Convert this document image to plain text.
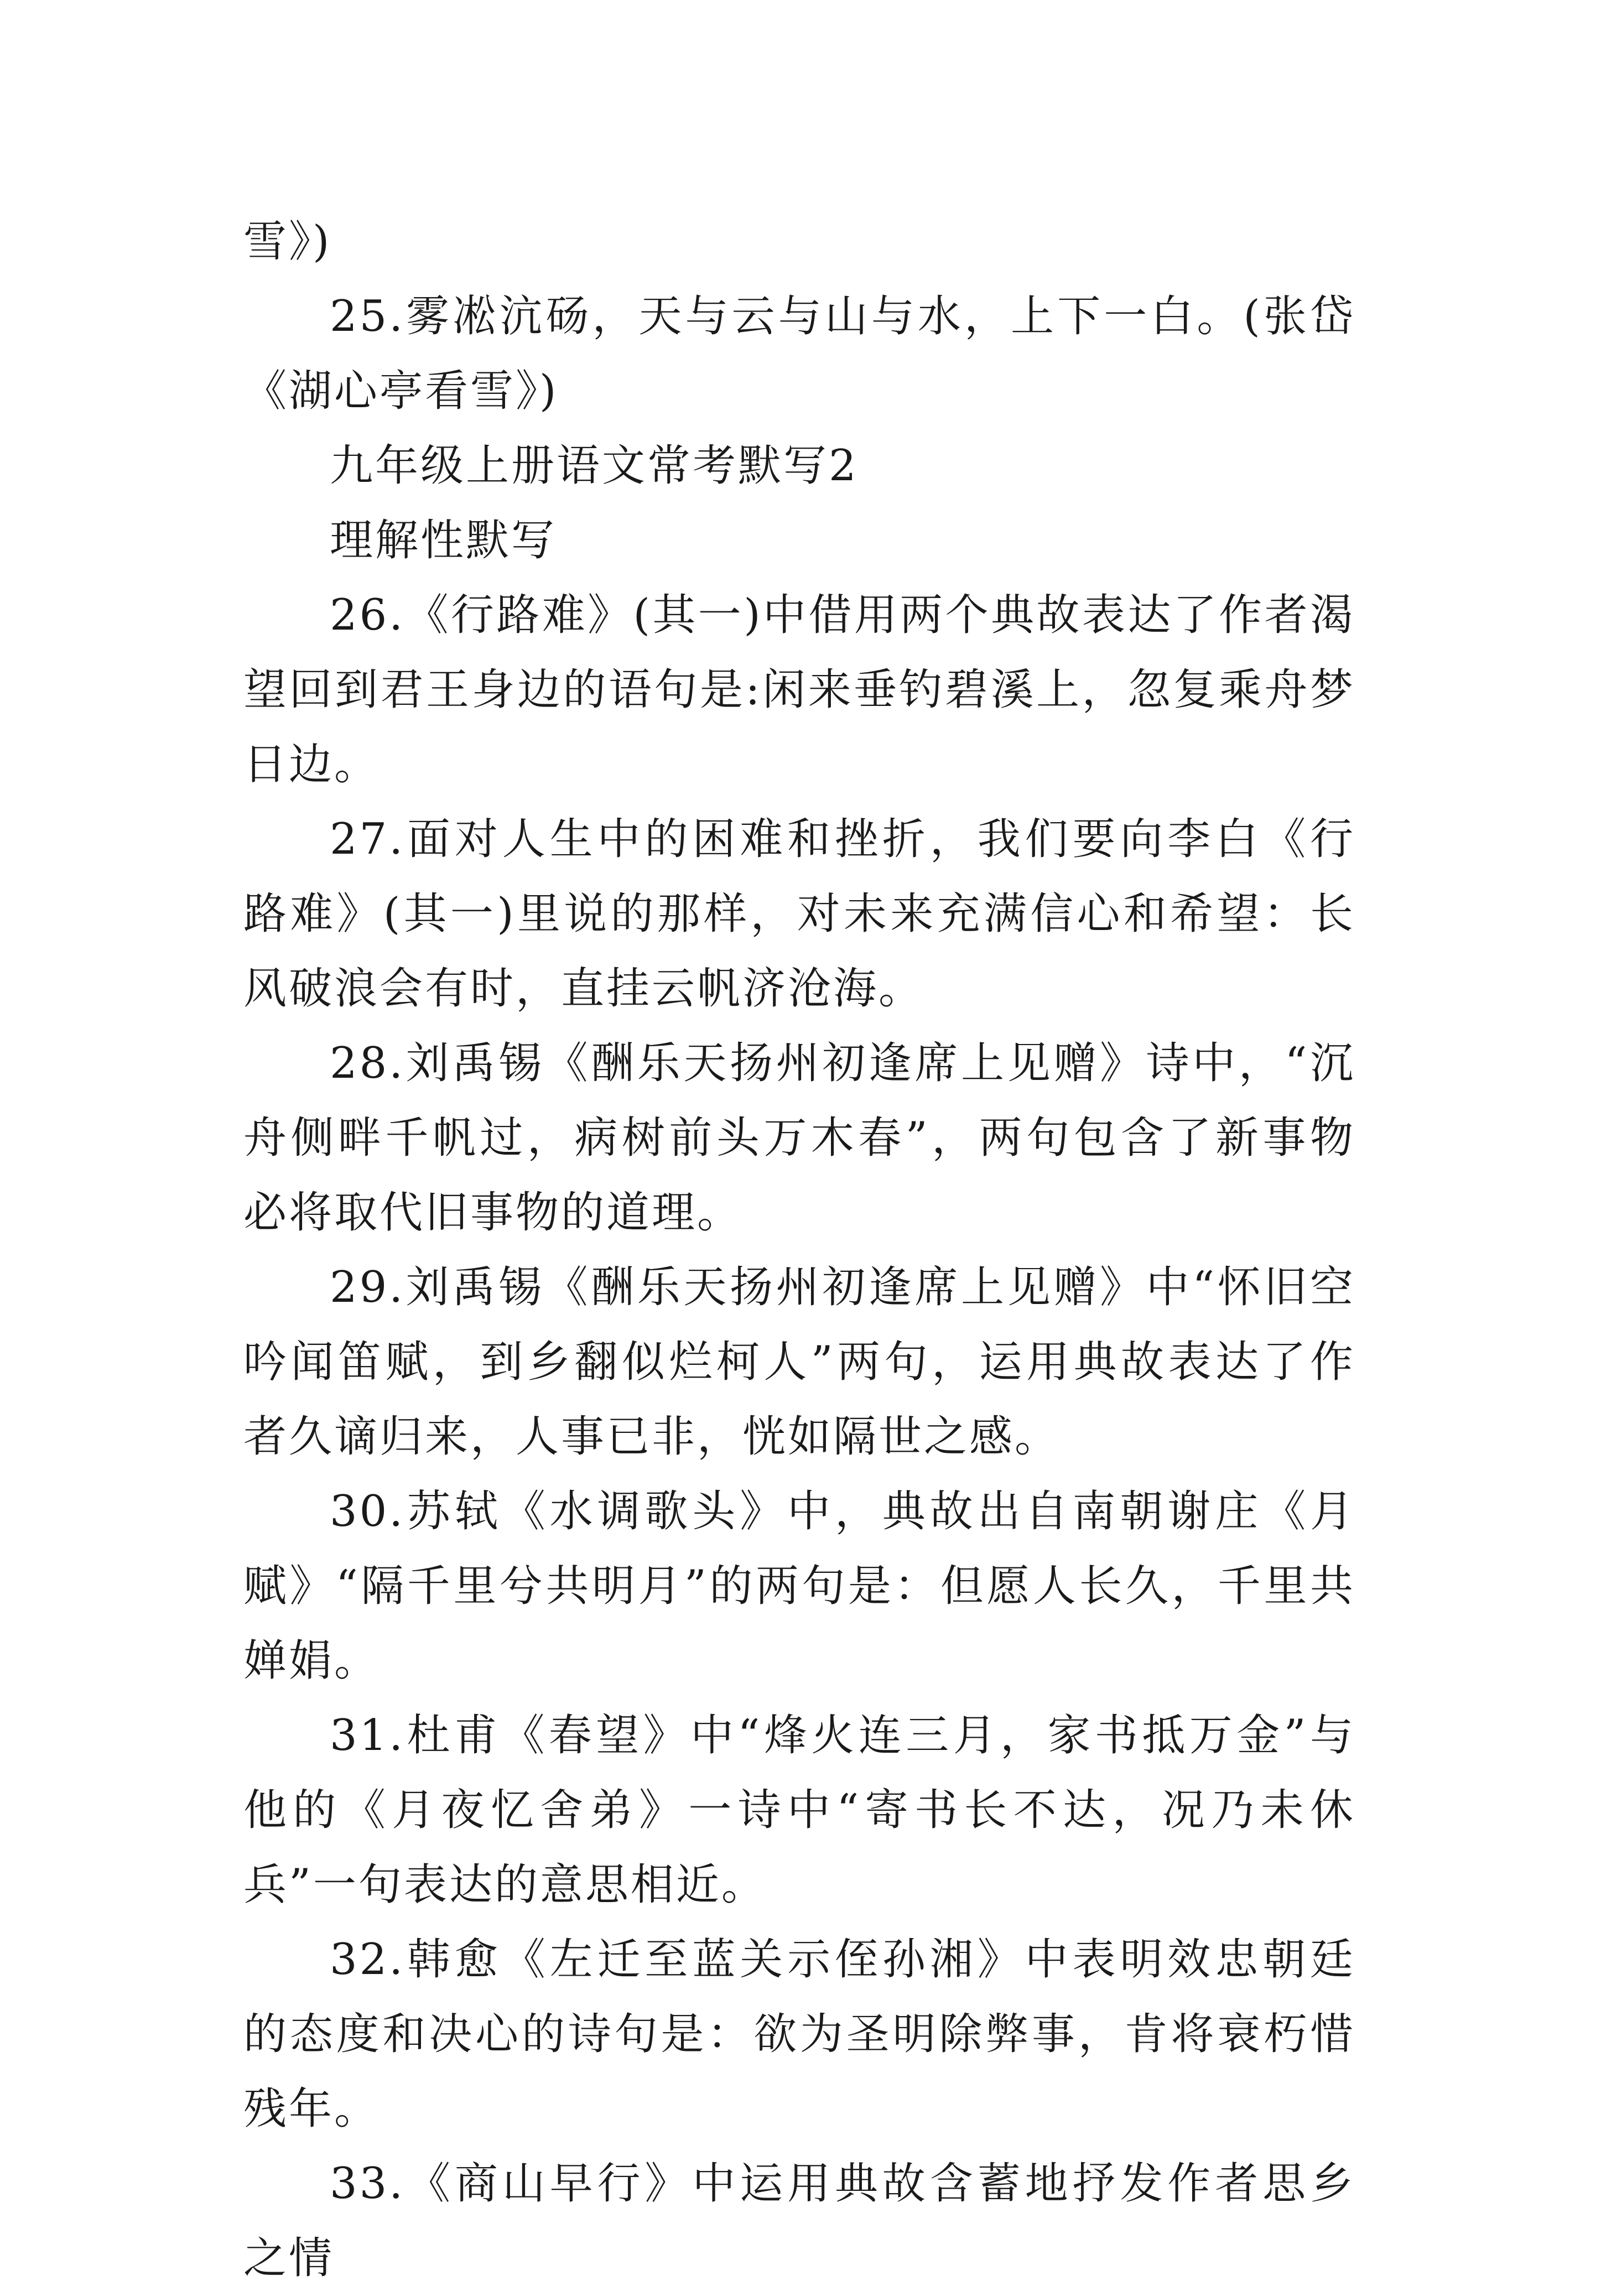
雪》)

25.雾凇沆砀，天与云与山与水，上下一白。(张岱《湖心亭看雪》)

九年级上册语文常考默写2

理解性默写

26.《行路难》(其一)中借用两个典故表达了作者渴望回到君王身边的语句是:闲来垂钓碧溪上，忽复乘舟梦日边。

27.面对人生中的困难和挫折，我们要向李白《行路难》(其一)里说的那样，对未来充满信心和希望：长风破浪会有时，直挂云帆济沧海。

28.刘禹锡《酬乐天扬州初逢席上见赠》诗中，“沉舟侧畔千帆过，病树前头万木春”，两句包含了新事物必将取代旧事物的道理。

29.刘禹锡《酬乐天扬州初逢席上见赠》中“怀旧空吟闻笛赋，到乡翻似烂柯人”两句，运用典故表达了作者久谪归来，人事已非，恍如隔世之感。

30.苏轼《水调歌头》中，典故出自南朝谢庄《月赋》“隔千里兮共明月”的两句是：但愿人长久，千里共婵娟。

31.杜甫《春望》中“烽火连三月，家书抵万金”与他的《月夜忆舍弟》一诗中“寄书长不达，况乃未休兵”一句表达的意思相近。

32.韩愈《左迁至蓝关示侄孙湘》中表明效忠朝廷的态度和决心的诗句是：欲为圣明除弊事，肯将衰朽惜残年。

33.《商山早行》中运用典故含蓄地抒发作者思乡之情
